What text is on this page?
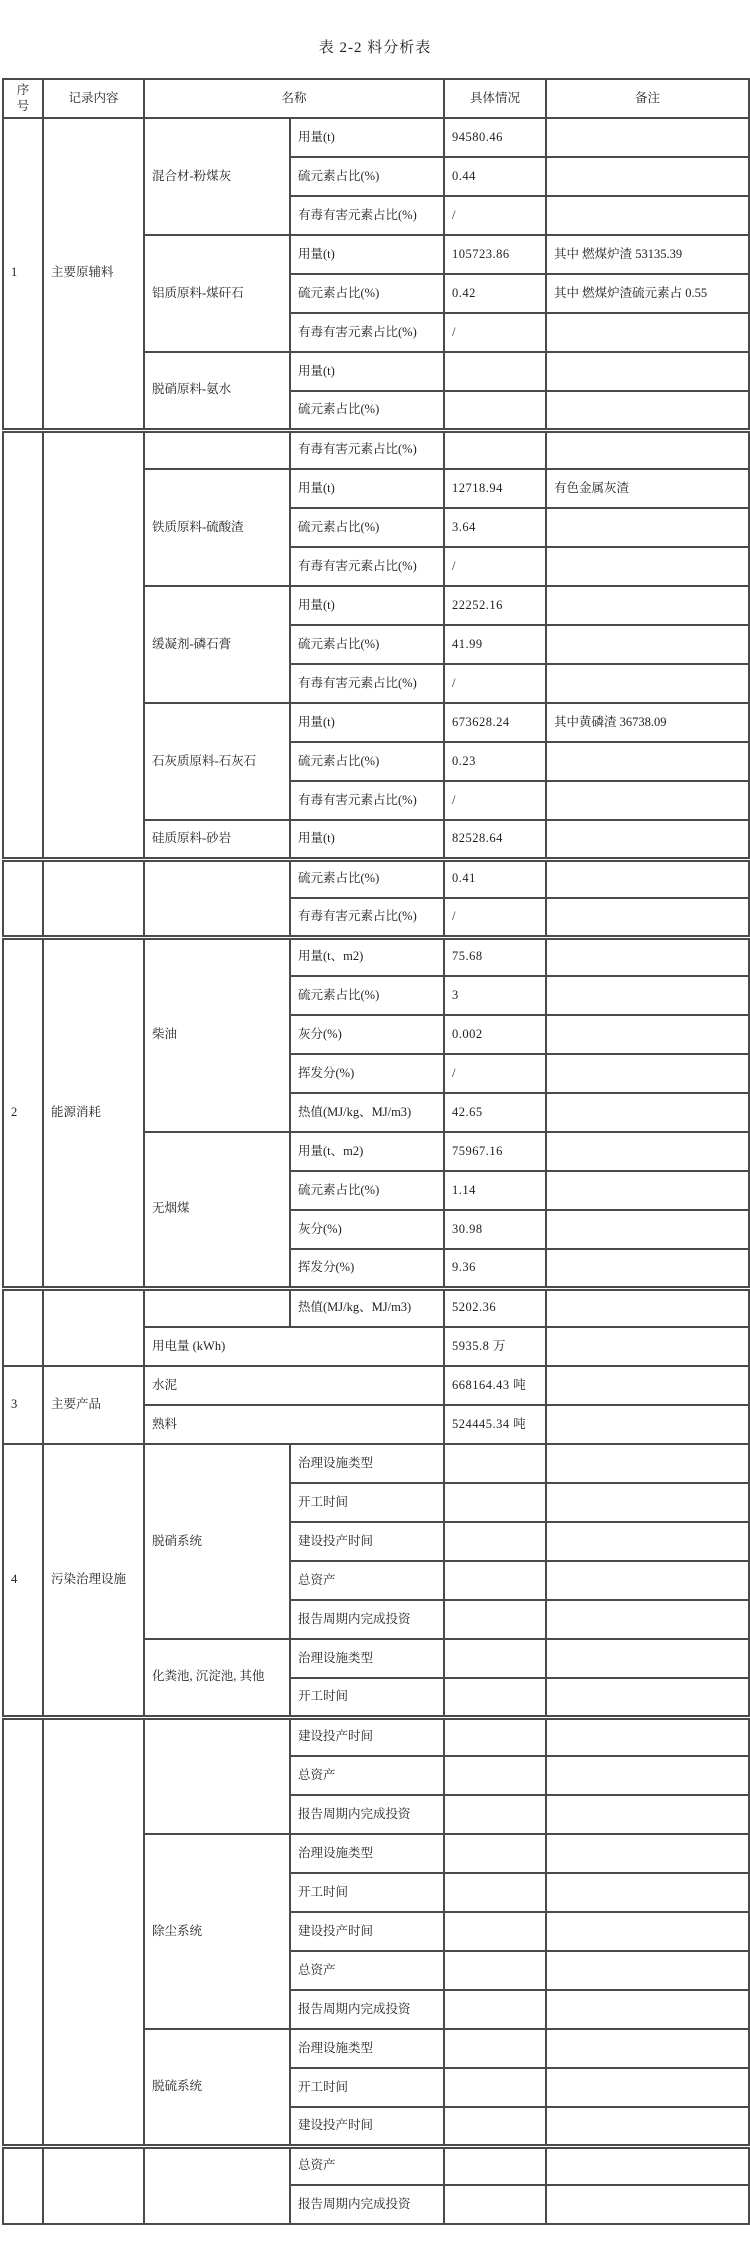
表 2-2 料分析表
序号	记录内容	名称		具体情况	备注
1	主要原辅料	混合材-粉煤灰	用量(t)	94580.46	
			硫元素占比(%)	0.44	
			有毒有害元素占比(%)	/	
		铝质原料-煤矸石	用量(t)	105723.86	其中 燃煤炉渣 53135.39
			硫元素占比(%)	0.42	其中 燃煤炉渣硫元素占 0.55
			有毒有害元素占比(%)	/	
		脱硝原料-氨水	用量(t)		
			硫元素占比(%)		
			有毒有害元素占比(%)		
		铁质原料-硫酸渣	用量(t)	12718.94	有色金属灰渣
			硫元素占比(%)	3.64	
			有毒有害元素占比(%)	/	
		缓凝剂-磷石膏	用量(t)	22252.16	
			硫元素占比(%)	41.99	
			有毒有害元素占比(%)	/	
		石灰质原料-石灰石	用量(t)	673628.24	其中黄磷渣 36738.09
			硫元素占比(%)	0.23	
			有毒有害元素占比(%)	/	
		硅质原料-砂岩	用量(t)	82528.64	
			硫元素占比(%)	0.41	
			有毒有害元素占比(%)	/	
2	能源消耗	柴油	用量(t、m2)	75.68	
			硫元素占比(%)	3	
			灰分(%)	0.002	
			挥发分(%)	/	
			热值(MJ/kg、MJ/m3)	42.65	
		无烟煤	用量(t、m2)	75967.16	
			硫元素占比(%)	1.14	
			灰分(%)	30.98	
			挥发分(%)	9.36	
			热值(MJ/kg、MJ/m3)	5202.36	
		用电量 (kWh)		5935.8 万	
3	主要产品	水泥		668164.43 吨	
		熟料		524445.34 吨	
4	污染治理设施	脱硝系统	治理设施类型		
			开工时间		
			建设投产时间		
			总资产		
			报告周期内完成投资		
		化粪池, 沉淀池, 其他	治理设施类型		
			开工时间		
			建设投产时间		
			总资产		
			报告周期内完成投资		
		除尘系统	治理设施类型		
			开工时间		
			建设投产时间		
			总资产		
			报告周期内完成投资		
		脱硫系统	治理设施类型		
			开工时间		
			建设投产时间		
			总资产		
			报告周期内完成投资		
